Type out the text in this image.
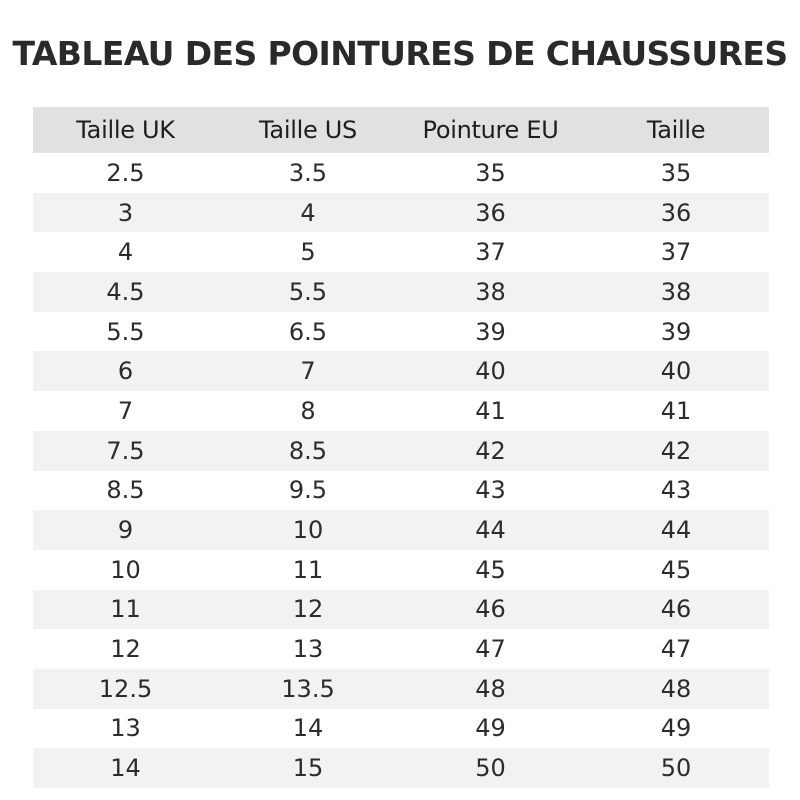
TABLEAU DES POINTURES DE CHAUSSURES
Taille UK	Taille US	Pointure EU	Taille
2.5	3.5	35	35
3	4	36	36
4	5	37	37
4.5	5.5	38	38
5.5	6.5	39	39
6	7	40	40
7	8	41	41
7.5	8.5	42	42
8.5	9.5	43	43
9	10	44	44
10	11	45	45
11	12	46	46
12	13	47	47
12.5	13.5	48	48
13	14	49	49
14	15	50	50
